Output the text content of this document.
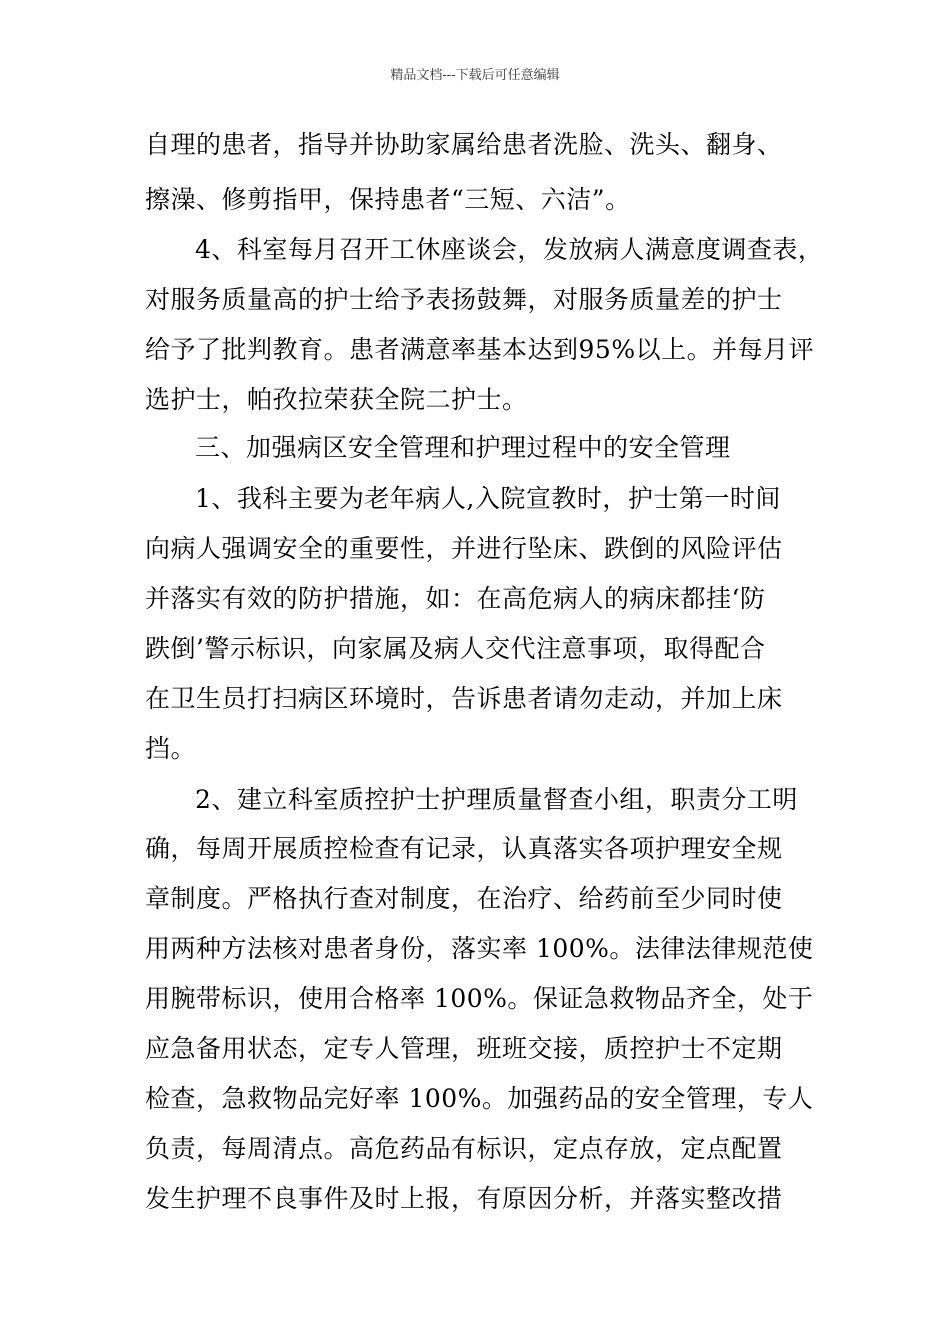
精品文档---下载后可任意编辑
自理的患者，指导并协助家属给患者洗脸、洗头、翻身、
擦澡、修剪指甲，保持患者“三短、六洁”。
4、科室每月召开工休座谈会，发放病人满意度调查表，
对服务质量高的护士给予表扬鼓舞，对服务质量差的护士
给予了批判教育。患者满意率基本达到95%以上。并每月评
选护士，帕孜拉荣获全院二护士。
三、加强病区安全管理和护理过程中的安全管理
1、我科主要为老年病人,入院宣教时，护士第一时间
向病人强调安全的重要性，并进行坠床、跌倒的风险评估
并落实有效的防护措施，如：在高危病人的病床都挂‘防
跌倒’警示标识，向家属及病人交代注意事项，取得配合
在卫生员打扫病区环境时，告诉患者请勿走动，并加上床
挡。
2、建立科室质控护士护理质量督查小组，职责分工明
确，每周开展质控检查有记录，认真落实各项护理安全规
章制度。严格执行查对制度，在治疗、给药前至少同时使
用两种方法核对患者身份，落实率 100%。法律法律规范使
用腕带标识，使用合格率 100%。保证急救物品齐全，处于
应急备用状态，定专人管理，班班交接，质控护士不定期
检查，急救物品完好率 100%。加强药品的安全管理，专人
负责，每周清点。高危药品有标识，定点存放，定点配置
发生护理不良事件及时上报，有原因分析，并落实整改措
